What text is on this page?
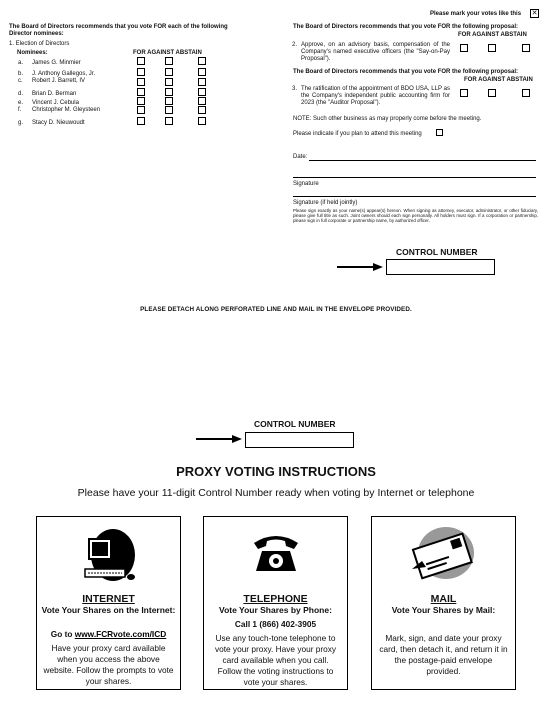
Please mark your votes like this ✕
The Board of Directors recommends that you vote FOR each of the following Director nominees:
1. Election of Directors
Nominees:	FOR AGAINST ABSTAIN
a. James G. Minmier
b. J. Anthony Gallegos, Jr.
c. Robert J. Barrett, IV
d. Brian D. Berman
e. Vincent J. Cebula
f. Christopher M. Gleysteen
g. Stacy D. Nieuwoudt
The Board of Directors recommends that you vote FOR the following proposal:
FOR AGAINST ABSTAIN
2. Approve, on an advisory basis, compensation of the Company's named executive officers (the "Say-on-Pay Proposal").
The Board of Directors recommends that you vote FOR the following proposal:
FOR AGAINST ABSTAIN
3. The ratification of the appointment of BDO USA, LLP as the Company's independent public accounting firm for 2023 (the "Auditor Proposal").
NOTE: Such other business as may properly come before the meeting.
Please indicate if you plan to attend this meeting
Date:
Signature
Signature (if held jointly)
Please sign exactly as your name(s) appear(s) hereon. When signing as attorney, executor, administrator, or other fiduciary, please give full title as such. Joint owners should each sign personally. All holders must sign. If a corporation or partnership, please sign in full corporate or partnership name, by authorized officer.
CONTROL NUMBER
PLEASE DETACH ALONG PERFORATED LINE AND MAIL IN THE ENVELOPE PROVIDED.
CONTROL NUMBER
PROXY VOTING INSTRUCTIONS
Please have your 11-digit Control Number ready when voting by Internet or telephone
INTERNET
Vote Your Shares on the Internet:
Go to www.FCRvote.com/ICD
Have your proxy card available when you access the above website. Follow the prompts to vote your shares.
TELEPHONE
Vote Your Shares by Phone:
Call 1 (866) 402-3905
Use any touch-tone telephone to vote your proxy. Have your proxy card available when you call. Follow the voting instructions to vote your shares.
MAIL
Vote Your Shares by Mail:
Mark, sign, and date your proxy card, then detach it, and return it in the postage-paid envelope provided.
